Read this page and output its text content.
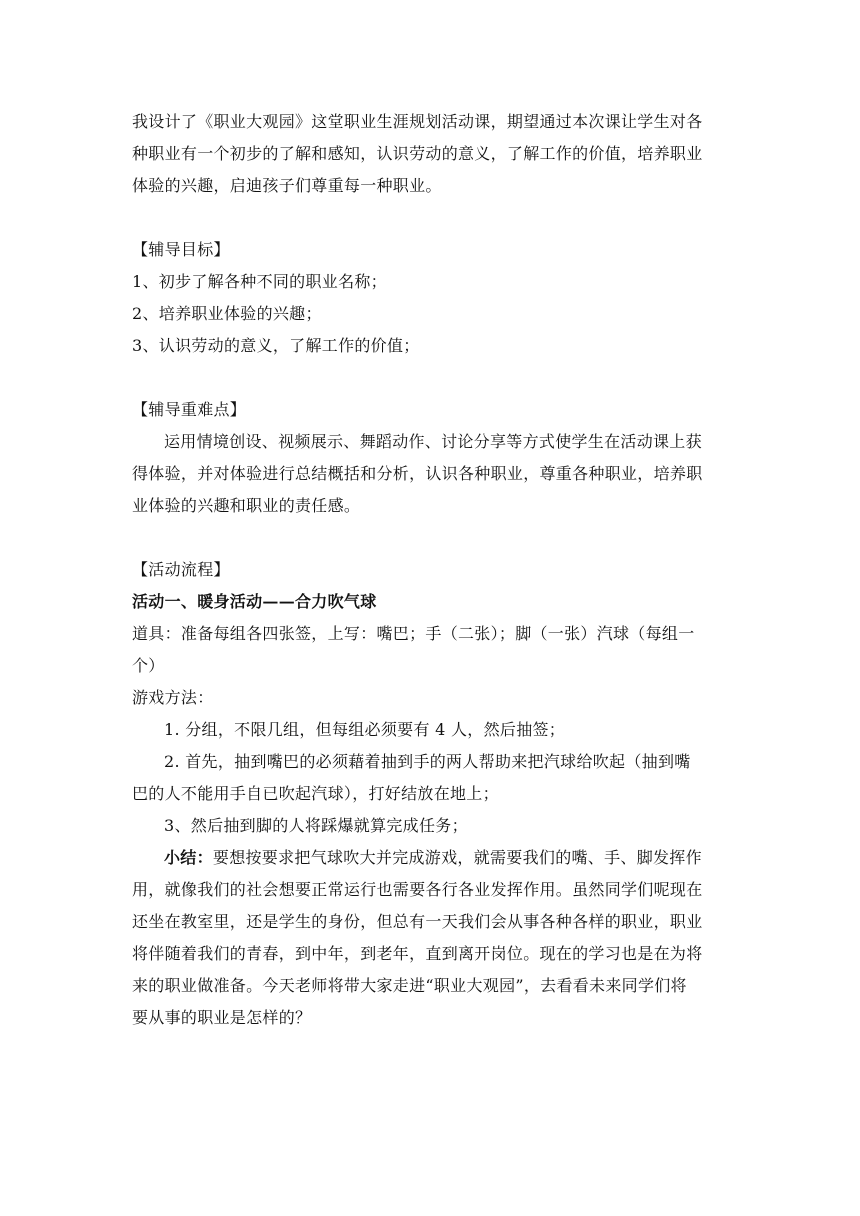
我设计了《职业大观园》这堂职业生涯规划活动课，期望通过本次课让学生对各
种职业有一个初步的了解和感知，认识劳动的意义，了解工作的价值，培养职业
体验的兴趣，启迪孩子们尊重每一种职业。
【辅导目标】
1、初步了解各种不同的职业名称；
2、培养职业体验的兴趣；
3、认识劳动的意义，了解工作的价值；
【辅导重难点】
运用情境创设、视频展示、舞蹈动作、讨论分享等方式使学生在活动课上获
得体验，并对体验进行总结概括和分析，认识各种职业，尊重各种职业，培养职
业体验的兴趣和职业的责任感。
【活动流程】
活动一、暖身活动——合力吹气球
道具：准备每组各四张签，上写：嘴巴；手（二张）；脚（一张）汽球（每组一
个）
游戏方法：
1. 分组，不限几组，但每组必须要有 4 人，然后抽签；
2. 首先，抽到嘴巴的必须藉着抽到手的两人帮助来把汽球给吹起（抽到嘴
巴的人不能用手自已吹起汽球），打好结放在地上；
3、然后抽到脚的人将踩爆就算完成任务；
小结：要想按要求把气球吹大并完成游戏，就需要我们的嘴、手、脚发挥作
用，就像我们的社会想要正常运行也需要各行各业发挥作用。虽然同学们呢现在
还坐在教室里，还是学生的身份，但总有一天我们会从事各种各样的职业，职业
将伴随着我们的青春，到中年，到老年，直到离开岗位。现在的学习也是在为将
来的职业做准备。今天老师将带大家走进“职业大观园”，去看看未来同学们将
要从事的职业是怎样的？
